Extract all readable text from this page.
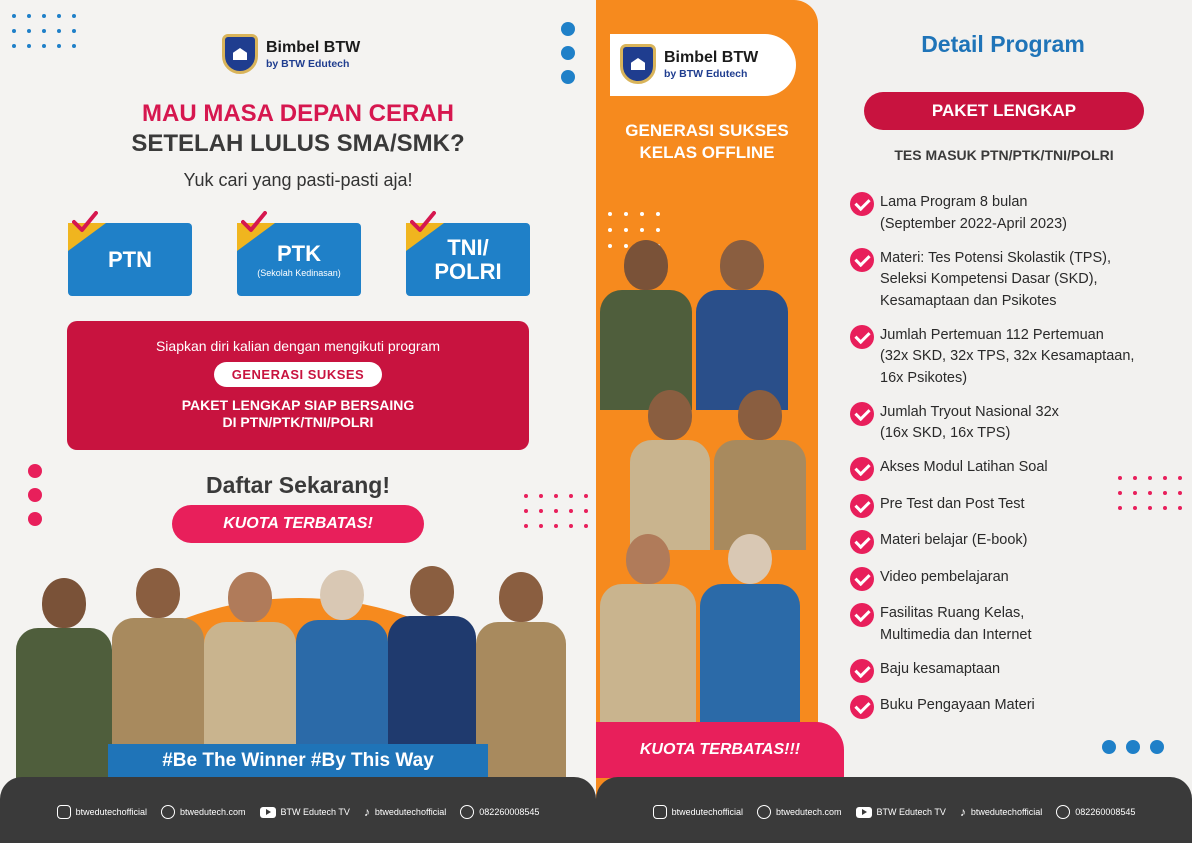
Bimbel BTW
by BTW Edutech
MAU MASA DEPAN CERAH
SETELAH LULUS SMA/SMK?
Yuk cari yang pasti-pasti aja!
PTN	PTK
(Sekolah Kedinasan)
TNI/
POLRI
Siapkan diri kalian dengan mengikuti program
GENERASI SUKSES
PAKET LENGKAP SIAP BERSAING
DI PTN/PTK/TNI/POLRI
Daftar Sekarang!
KUOTA TERBATAS!
#Be The Winner #By This Way
btwedutechofficial	btwedutech.com	BTW Edutech TV ♪ btwedutechofficial	082260008545
Bimbel BTW
by BTW Edutech
GENERASI SUKSES
KELAS OFFLINE
KUOTA TERBATAS!!!
Detail Program
PAKET LENGKAP
TES MASUK PTN/PTK/TNI/POLRI
Lama Program 8 bulan
(September 2022-April 2023)
Materi: Tes Potensi Skolastik (TPS),
Seleksi Kompetensi Dasar (SKD),
Kesamaptaan dan Psikotes
Jumlah Pertemuan 112 Pertemuan
(32x SKD, 32x TPS, 32x Kesamaptaan,
16x Psikotes)
Jumlah Tryout Nasional 32x
(16x SKD, 16x TPS)
Akses Modul Latihan Soal
Pre Test dan Post Test
Materi belajar (E-book)
Video pembelajaran
Fasilitas Ruang Kelas,
Multimedia dan Internet
Baju kesamaptaan
Buku Pengayaan Materi
btwedutechofficial	btwedutech.com	BTW Edutech TV ♪ btwedutechofficial	082260008545
